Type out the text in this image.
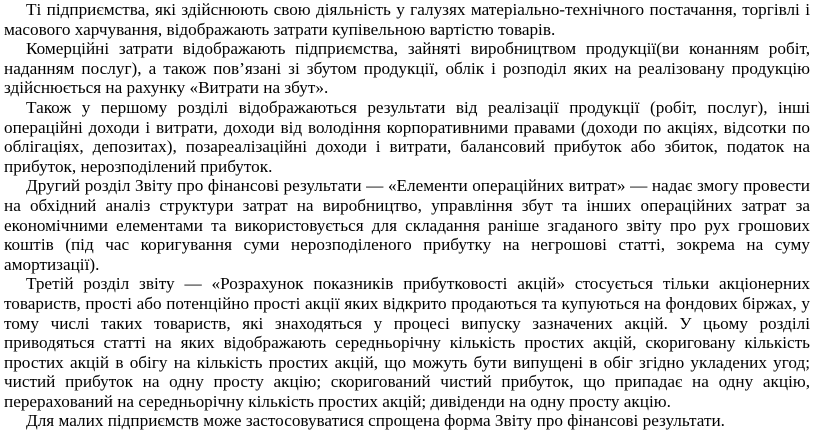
Ті підприємства, які здійснюють свою діяльність у галузях матеріально-технічного постачання, торгівлі і масового харчування, відображають затрати купівельною вартістю товарів.

Комерційні затрати відображають підприємства, зайняті виробництвом продукції(ви конанням робіт, наданням послуг), а також пов’язані зі збутом продукції, облік і розподіл яких на реалізовану продукцію здійснюється на рахунку «Витрати на збут».

Також у першому розділі відображаються результати від реалізації продукції (робіт, послуг), інші операційні доходи і витрати, доходи від володіння корпоративними правами (доходи по акціях, відсотки по облігаціях, депозитах), позареалізаційні доходи і витрати, балансовий прибуток або збиток, податок на прибуток, нерозподілений прибуток.

Другий розділ Звіту про фінансові результати — «Елементи операційних витрат» — надає змогу провести на обхідний аналіз структури затрат на виробництво, управління збут та інших операційних затрат за економічними елементами та використовується для складання раніше згаданого звіту про рух грошових коштів (під час коригування суми нерозподіленого прибутку на негрошові статті, зокрема на суму амортизації).

Третій розділ звіту — «Розрахунок показників прибутковості акцій» стосується тільки акціонерних товариств, прості або потенційно прості акції яких відкрито продаються та купуються на фондових біржах, у тому числі таких товариств, які знаходяться у процесі випуску зазначених акцій. У цьому розділі приводяться статті на яких відображають середньорічну кількість простих акцій, скориговану кількість простих акцій в обігу на кількість простих акцій, що можуть бути випущені в обіг згідно укладених угод; чистий прибуток на одну просту акцію; скоригований чистий прибуток, що припадає на одну акцію, перерахований на середньорічну кількість простих акцій; дивіденди на одну просту акцію.

Для малих підприємств може застосовуватися спрощена форма Звіту про фінансові результати.
